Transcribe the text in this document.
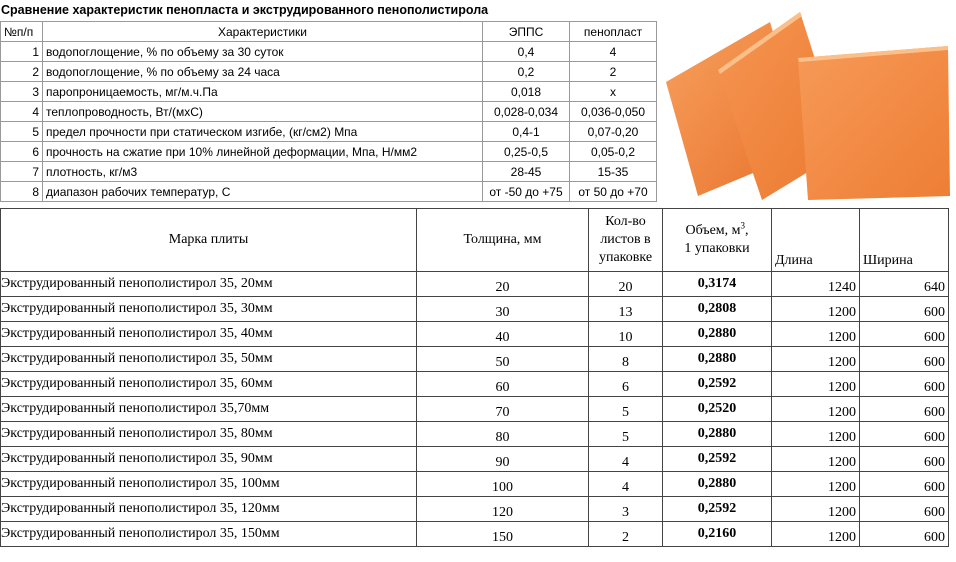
Сравнение характеристик пенопласта и экструдированного пенополистирола
№п/п	Характеристики	ЭППС	пенопласт
1	водопоглощение, % по объему за 30 суток	0,4	4
2	водопоглощение, % по объему за 24 часа	0,2	2
3	паропроницаемость, мг/м.ч.Па	0,018	х
4	теплопроводность, Вт/(мхС)	0,028-0,034	0,036-0,050
5	предел прочности при статическом изгибе, (кг/см2) Мпа	0,4-1	0,07-0,20
6	прочность на сжатие при 10% линейной деформации, Мпа, Н/мм2	0,25-0,5	0,05-0,2
7	плотность, кг/м3	28-45	15-35
8	диапазон рабочих температур, С	от -50 до +75	от 50 до +70
Марка плиты	Толщина, мм	Кол-во листов в упаковке	Объем, $м^3$,
1 упаковки	Длина	Ширина
Экструдированный пенополистирол 35, 20мм	20	20	0,3174	1240	640
Экструдированный пенополистирол 35, 30мм	30	13	0,2808	1200	600
Экструдированный пенополистирол 35, 40мм	40	10	0,2880	1200	600
Экструдированный пенополистирол 35, 50мм	50	8	0,2880	1200	600
Экструдированный пенополистирол 35, 60мм	60	6	0,2592	1200	600
Экструдированный пенополистирол 35,70мм	70	5	0,2520	1200	600
Экструдированный пенополистирол 35, 80мм	80	5	0,2880	1200	600
Экструдированный пенополистирол 35, 90мм	90	4	0,2592	1200	600
Экструдированный пенополистирол 35, 100мм	100	4	0,2880	1200	600
Экструдированный пенополистирол 35, 120мм	120	3	0,2592	1200	600
Экструдированный пенополистирол 35, 150мм	150	2	0,2160	1200	600
